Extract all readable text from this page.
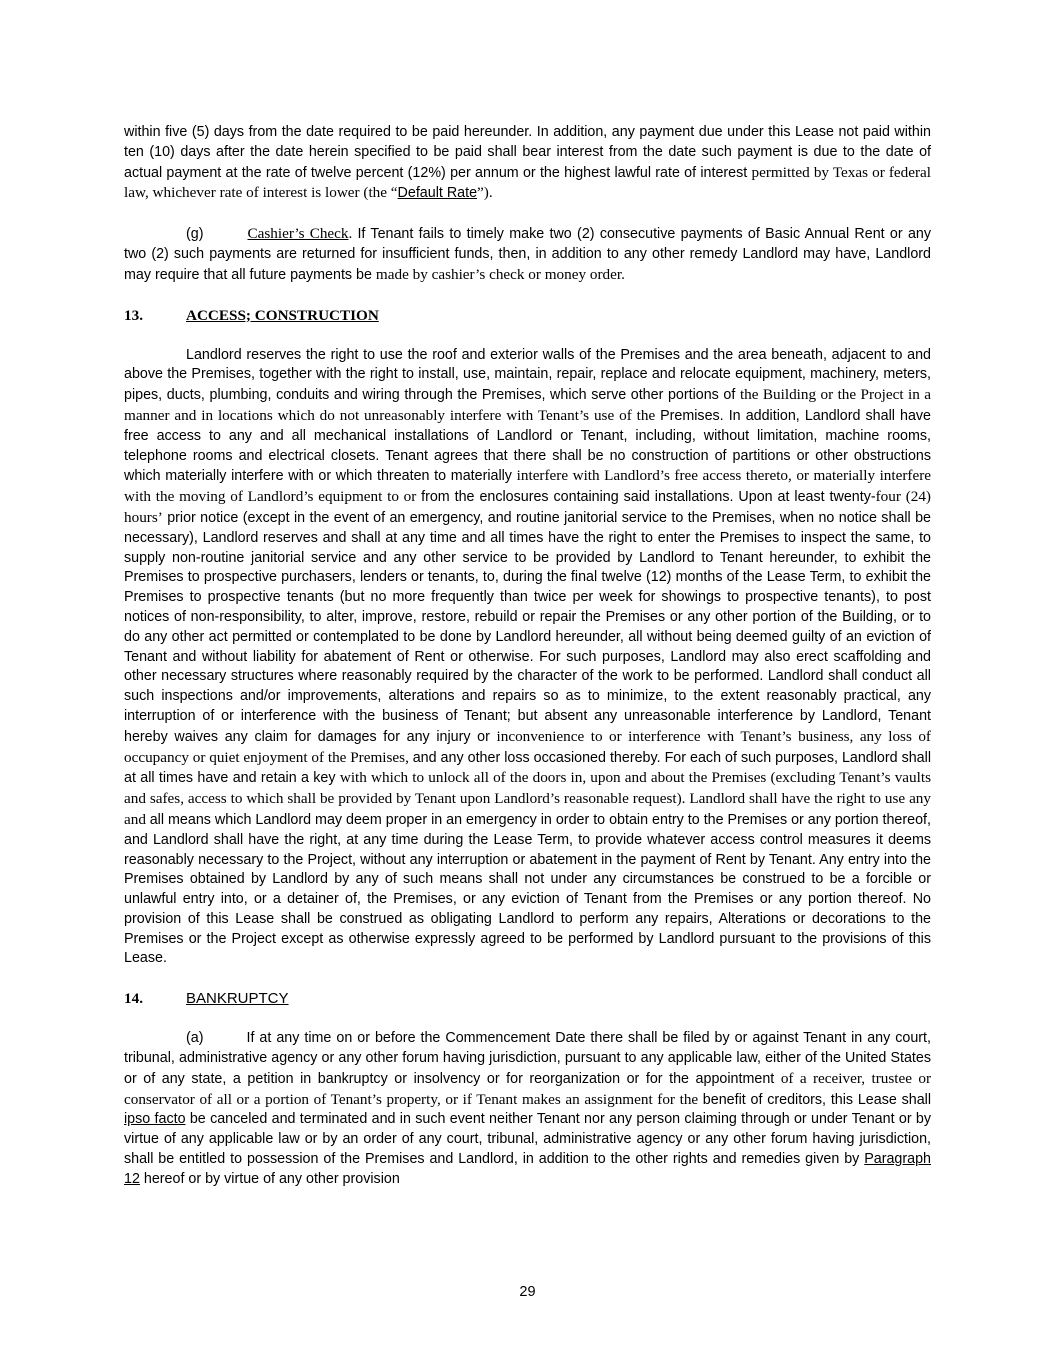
within five (5) days from the date required to be paid hereunder. In addition, any payment due under this Lease not paid within ten (10) days after the date herein specified to be paid shall bear interest from the date such payment is due to the date of actual payment at the rate of twelve percent (12%) per annum or the highest lawful rate of interest permitted by Texas or federal law, whichever rate of interest is lower (the “Default Rate”).

(g)	Cashier’s Check. If Tenant fails to timely make two (2) consecutive payments of Basic Annual Rent or any two (2) such payments are returned for insufficient funds, then, in addition to any other remedy Landlord may have, Landlord may require that all future payments be made by cashier’s check or money order.

13.	ACCESS; CONSTRUCTION

Landlord reserves the right to use the roof and exterior walls of the Premises and the area beneath, adjacent to and above the Premises, together with the right to install, use, maintain, repair, replace and relocate equipment, machinery, meters, pipes, ducts, plumbing, conduits and wiring through the Premises, which serve other portions of the Building or the Project in a manner and in locations which do not unreasonably interfere with Tenant’s use of the Premises. In addition, Landlord shall have free access to any and all mechanical installations of Landlord or Tenant, including, without limitation, machine rooms, telephone rooms and electrical closets. Tenant agrees that there shall be no construction of partitions or other obstructions which materially interfere with or which threaten to materially interfere with Landlord’s free access thereto, or materially interfere with the moving of Landlord’s equipment to or from the enclosures containing said installations. Upon at least twenty-four (24) hours’ prior notice (except in the event of an emergency, and routine janitorial service to the Premises, when no notice shall be necessary), Landlord reserves and shall at any time and all times have the right to enter the Premises to inspect the same, to supply non-routine janitorial service and any other service to be provided by Landlord to Tenant hereunder, to exhibit the Premises to prospective purchasers, lenders or tenants, to, during the final twelve (12) months of the Lease Term, to exhibit the Premises to prospective tenants (but no more frequently than twice per week for showings to prospective tenants), to post notices of non-responsibility, to alter, improve, restore, rebuild or repair the Premises or any other portion of the Building, or to do any other act permitted or contemplated to be done by Landlord hereunder, all without being deemed guilty of an eviction of Tenant and without liability for abatement of Rent or otherwise. For such purposes, Landlord may also erect scaffolding and other necessary structures where reasonably required by the character of the work to be performed. Landlord shall conduct all such inspections and/or improvements, alterations and repairs so as to minimize, to the extent reasonably practical, any interruption of or interference with the business of Tenant; but absent any unreasonable interference by Landlord, Tenant hereby waives any claim for damages for any injury or inconvenience to or interference with Tenant’s business, any loss of occupancy or quiet enjoyment of the Premises, and any other loss occasioned thereby. For each of such purposes, Landlord shall at all times have and retain a key with which to unlock all of the doors in, upon and about the Premises (excluding Tenant’s vaults and safes, access to which shall be provided by Tenant upon Landlord’s reasonable request). Landlord shall have the right to use any and all means which Landlord may deem proper in an emergency in order to obtain entry to the Premises or any portion thereof, and Landlord shall have the right, at any time during the Lease Term, to provide whatever access control measures it deems reasonably necessary to the Project, without any interruption or abatement in the payment of Rent by Tenant. Any entry into the Premises obtained by Landlord by any of such means shall not under any circumstances be construed to be a forcible or unlawful entry into, or a detainer of, the Premises, or any eviction of Tenant from the Premises or any portion thereof. No provision of this Lease shall be construed as obligating Landlord to perform any repairs, Alterations or decorations to the Premises or the Project except as otherwise expressly agreed to be performed by Landlord pursuant to the provisions of this Lease.

14.	BANKRUPTCY

(a)	If at any time on or before the Commencement Date there shall be filed by or against Tenant in any court, tribunal, administrative agency or any other forum having jurisdiction, pursuant to any applicable law, either of the United States or of any state, a petition in bankruptcy or insolvency or for reorganization or for the appointment of a receiver, trustee or conservator of all or a portion of Tenant’s property, or if Tenant makes an assignment for the benefit of creditors, this Lease shall ipso facto be canceled and terminated and in such event neither Tenant nor any person claiming through or under Tenant or by virtue of any applicable law or by an order of any court, tribunal, administrative agency or any other forum having jurisdiction, shall be entitled to possession of the Premises and Landlord, in addition to the other rights and remedies given by Paragraph 12 hereof or by virtue of any other provision

29
